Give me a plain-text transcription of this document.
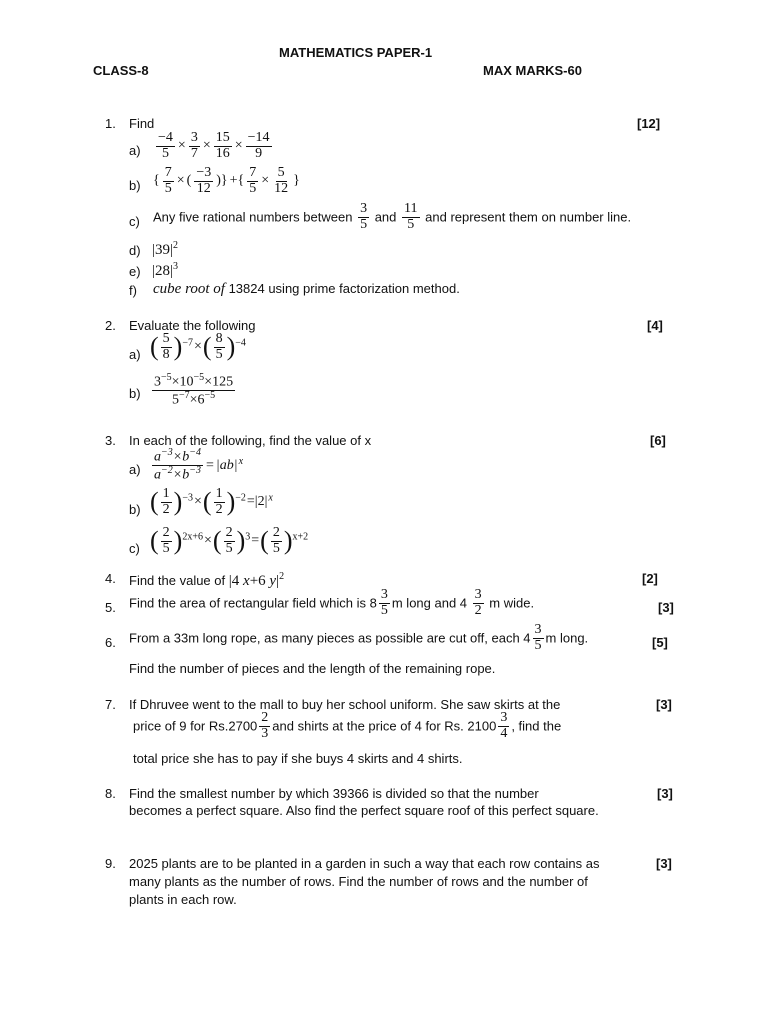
MATHEMATICS PAPER-1
CLASS-8	MAX MARKS-60
1. Find	[12]
$a) \frac{-4}{5} \times \frac{3}{7} \times \frac{15}{16} \times \frac{-14}{9}$
b) { $\frac{7}{5}$ × ( $\frac{-3}{12}$ )} +{ $\frac{7}{5} \times \frac{5}{12}$ }
c) Any five rational numbers between $\frac{3}{5}$ and $\frac{11}{5}$ and represent them on number line.
d) $|39|^2$
e) $|28|^3$
f) cube root of 13824 using prime factorization method.
2. Evaluate the following	[4]
a) ( $\frac{5}{8} )^{-7}\times( \frac{8}{5} )^{-4}$
$b) \frac{3^{-5}\times 10^{-5}\times 125}{5^{-7}\times 6^{-5}}$
3. In each of the following, find the value of x	[6]
$a) \frac{a^{-3}\times b^{-4}}{a^{-2}\times b^{-3}} = |ab|^x$
b) ( $\frac{1}{2} )^{-3}\times( \frac{1}{2} )^{-2}=|2|^x$
c) ( $\frac{2}{5} )^{2x+6}\times( \frac{2}{5} )^3=( \frac{2}{5} )^{x+2}$
4. Find the value of |4 x+6 $y|^2$	[2]
5. Find the area of rectangular field which is $8 \frac{3}{5}$ m long and $4 \frac{3}{2}$ m wide.	[3]
6. From a 33m long rope, as many pieces as possible are cut off, each $4 \frac{3}{5}$ m long.	[5]
Find the number of pieces and the length of the remaining rope.
7. If Dhruvee went to the mall to buy her school uniform. She saw skirts at the	[3]
price of 9 for $Rs.2700 \frac{2}{3}$ and shirts at the price of 4 for Rs. $2100 \frac{3}{4}$ , find the
total price she has to pay if she buys 4 skirts and 4 shirts.
8. Find the smallest number by which 39366 is divided so that the number	[3]
becomes a perfect square. Also find the perfect square roof of this perfect square.
9. 2025 plants are to be planted in a garden in such a way that each row contains as	[3]
many plants as the number of rows. Find the number of rows and the number of
plants in each row.
